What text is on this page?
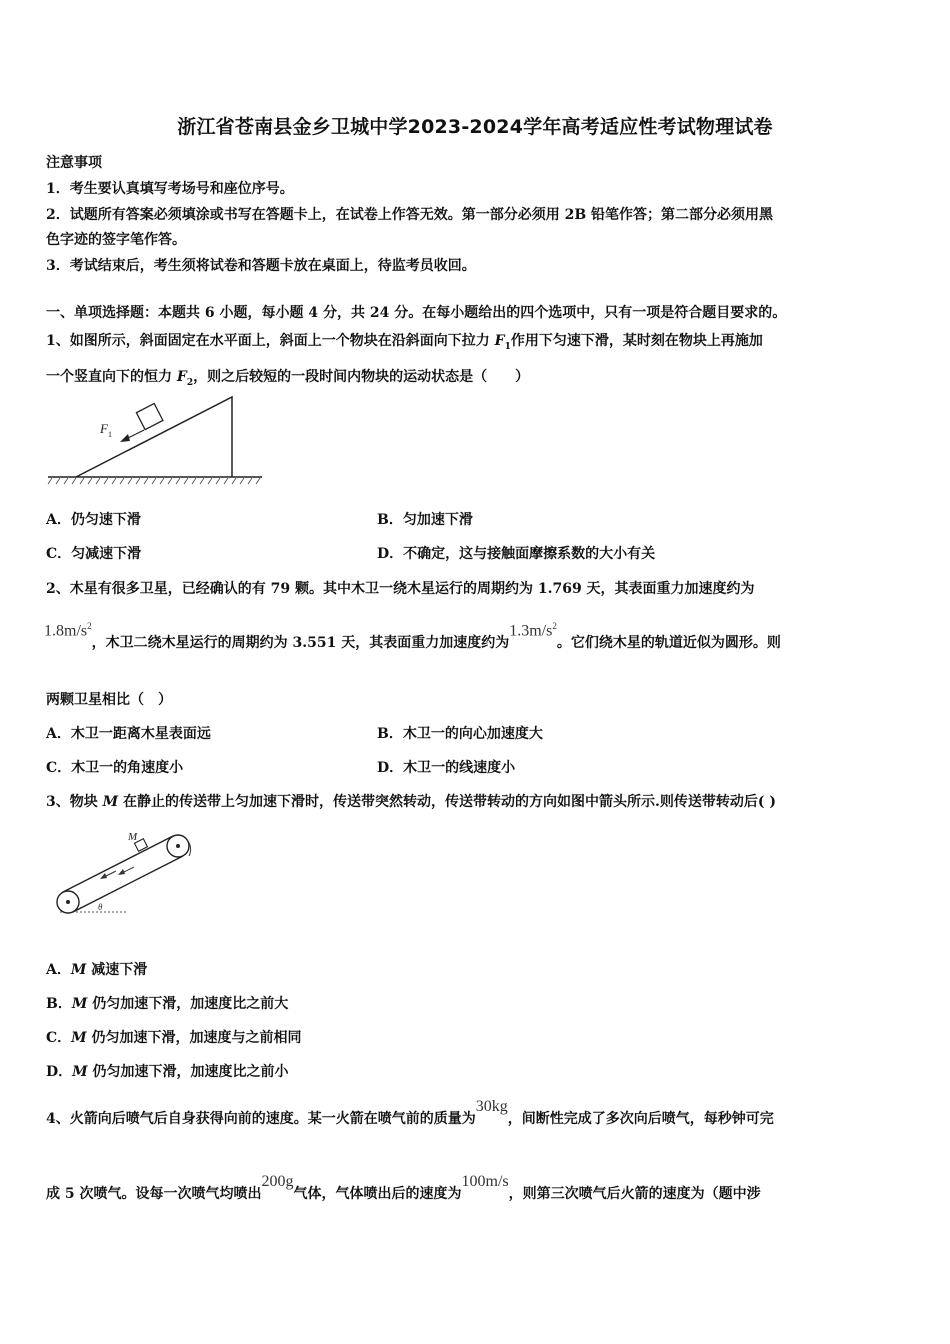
浙江省苍南县金乡卫城中学2023-2024学年高考适应性考试物理试卷
注意事项
1．考生要认真填写考场号和座位序号。
2．试题所有答案必须填涂或书写在答题卡上，在试卷上作答无效。第一部分必须用 2B 铅笔作答；第二部分必须用黑
色字迹的签字笔作答。
3．考试结束后，考生须将试卷和答题卡放在桌面上，待监考员收回。
一、单项选择题：本题共 6 小题，每小题 4 分，共 24 分。在每小题给出的四个选项中，只有一项是符合题目要求的。
1、如图所示，斜面固定在水平面上，斜面上一个物块在沿斜面向下拉力 $F_1$作用下匀速下滑，某时刻在物块上再施加
一个竖直向下的恒力 $F_2$，则之后较短的一段时间内物块的运动状态是（　　）
F 1
A．仍匀速下滑	B．匀加速下滑
C．匀减速下滑	D．不确定，这与接触面摩擦系数的大小有关
2、木星有很多卫星，已经确认的有 79 颗。其中木卫一绕木星运行的周期约为 1.769 天，其表面重力加速度约为
$1.8m/s^2$，木卫二绕木星运行的周期约为 3.551 天，其表面重力加速度约为$1.3m/s^2$。它们绕木星的轨道近似为圆形。则
两颗卫星相比（　）
A．木卫一距离木星表面远	B．木卫一的向心加速度大
C．木卫一的角速度小	D．木卫一的线速度小
3、物块 M 在静止的传送带上匀加速下滑时，传送带突然转动，传送带转动的方向如图中箭头所示.则传送带转动后( )
M
θ
A．M 减速下滑
B．M 仍匀加速下滑，加速度比之前大
C．M 仍匀加速下滑，加速度与之前相同
D．M 仍匀加速下滑，加速度比之前小
4、火箭向后喷气后自身获得向前的速度。某一火箭在喷气前的质量为30kg，间断性完成了多次向后喷气，每秒钟可完
成 5 次喷气。设每一次喷气均喷出200g气体，气体喷出后的速度为100m/s，则第三次喷气后火箭的速度为（题中涉
